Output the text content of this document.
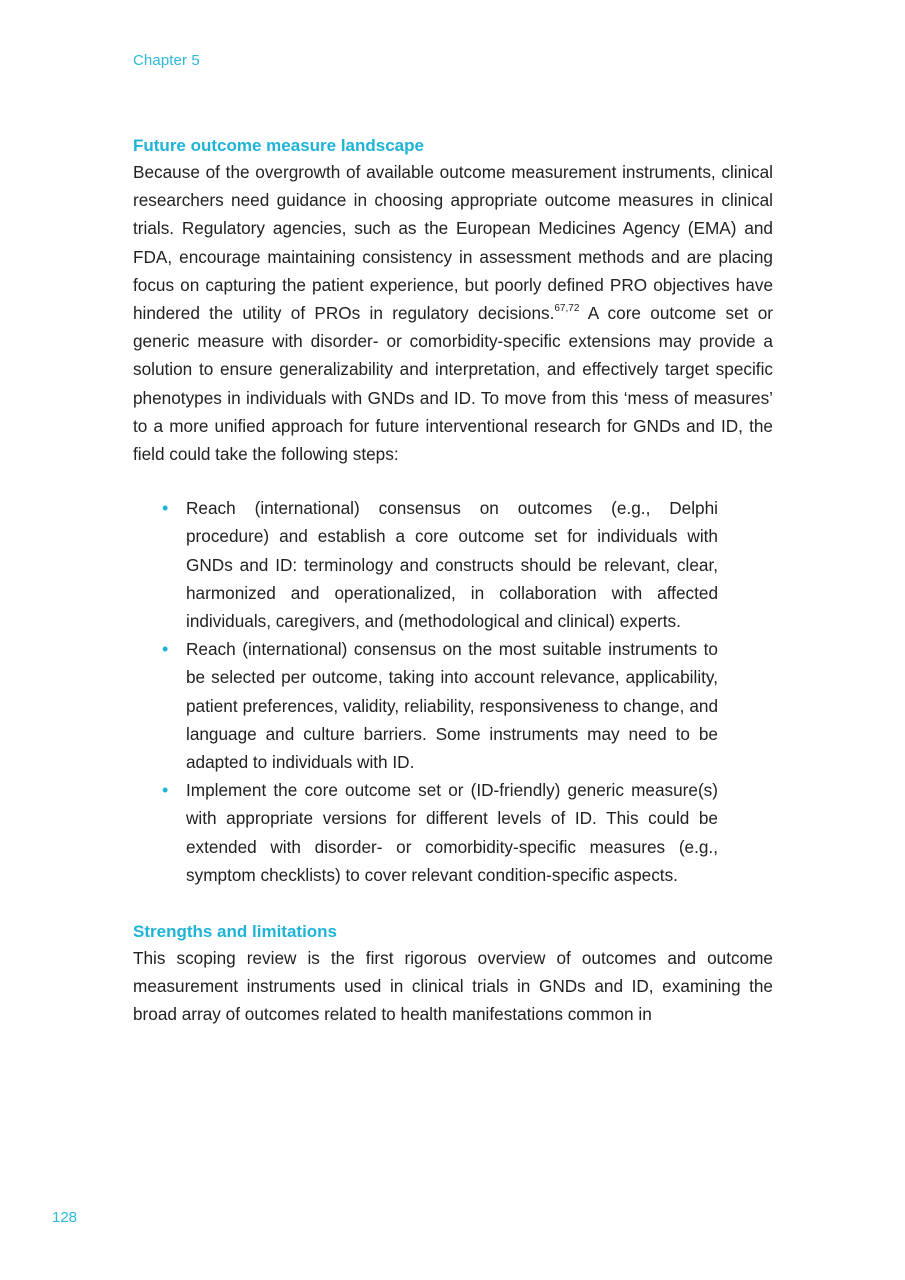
Chapter 5
Future outcome measure landscape

Because of the overgrowth of available outcome measurement instruments, clinical researchers need guidance in choosing appropriate outcome measures in clinical trials. Regulatory agencies, such as the European Medicines Agency (EMA) and FDA, encourage maintaining consistency in assessment methods and are placing focus on capturing the patient experience, but poorly defined PRO objectives have hindered the utility of PROs in regulatory decisions.$^{67,72}$ A core outcome set or generic measure with disorder- or comorbidity-specific extensions may provide a solution to ensure generalizability and interpretation, and effectively target specific phenotypes in individuals with GNDs and ID. To move from this ‘mess of measures’ to a more unified approach for future interventional research for GNDs and ID, the field could take the following steps:

• Reach (international) consensus on outcomes (e.g., Delphi procedure) and establish a core outcome set for individuals with GNDs and ID: terminology and constructs should be relevant, clear, harmonized and operationalized, in collaboration with affected individuals, caregivers, and (methodological and clinical) experts.
• Reach (international) consensus on the most suitable instruments to be selected per outcome, taking into account relevance, applicability, patient preferences, validity, reliability, responsiveness to change, and language and culture barriers. Some instruments may need to be adapted to individuals with ID.
• Implement the core outcome set or (ID-friendly) generic measure(s) with appropriate versions for different levels of ID. This could be extended with disorder- or comorbidity-specific measures (e.g., symptom checklists) to cover relevant condition-specific aspects.
Strengths and limitations

This scoping review is the first rigorous overview of outcomes and outcome measurement instruments used in clinical trials in GNDs and ID, examining the broad array of outcomes related to health manifestations common in

128
